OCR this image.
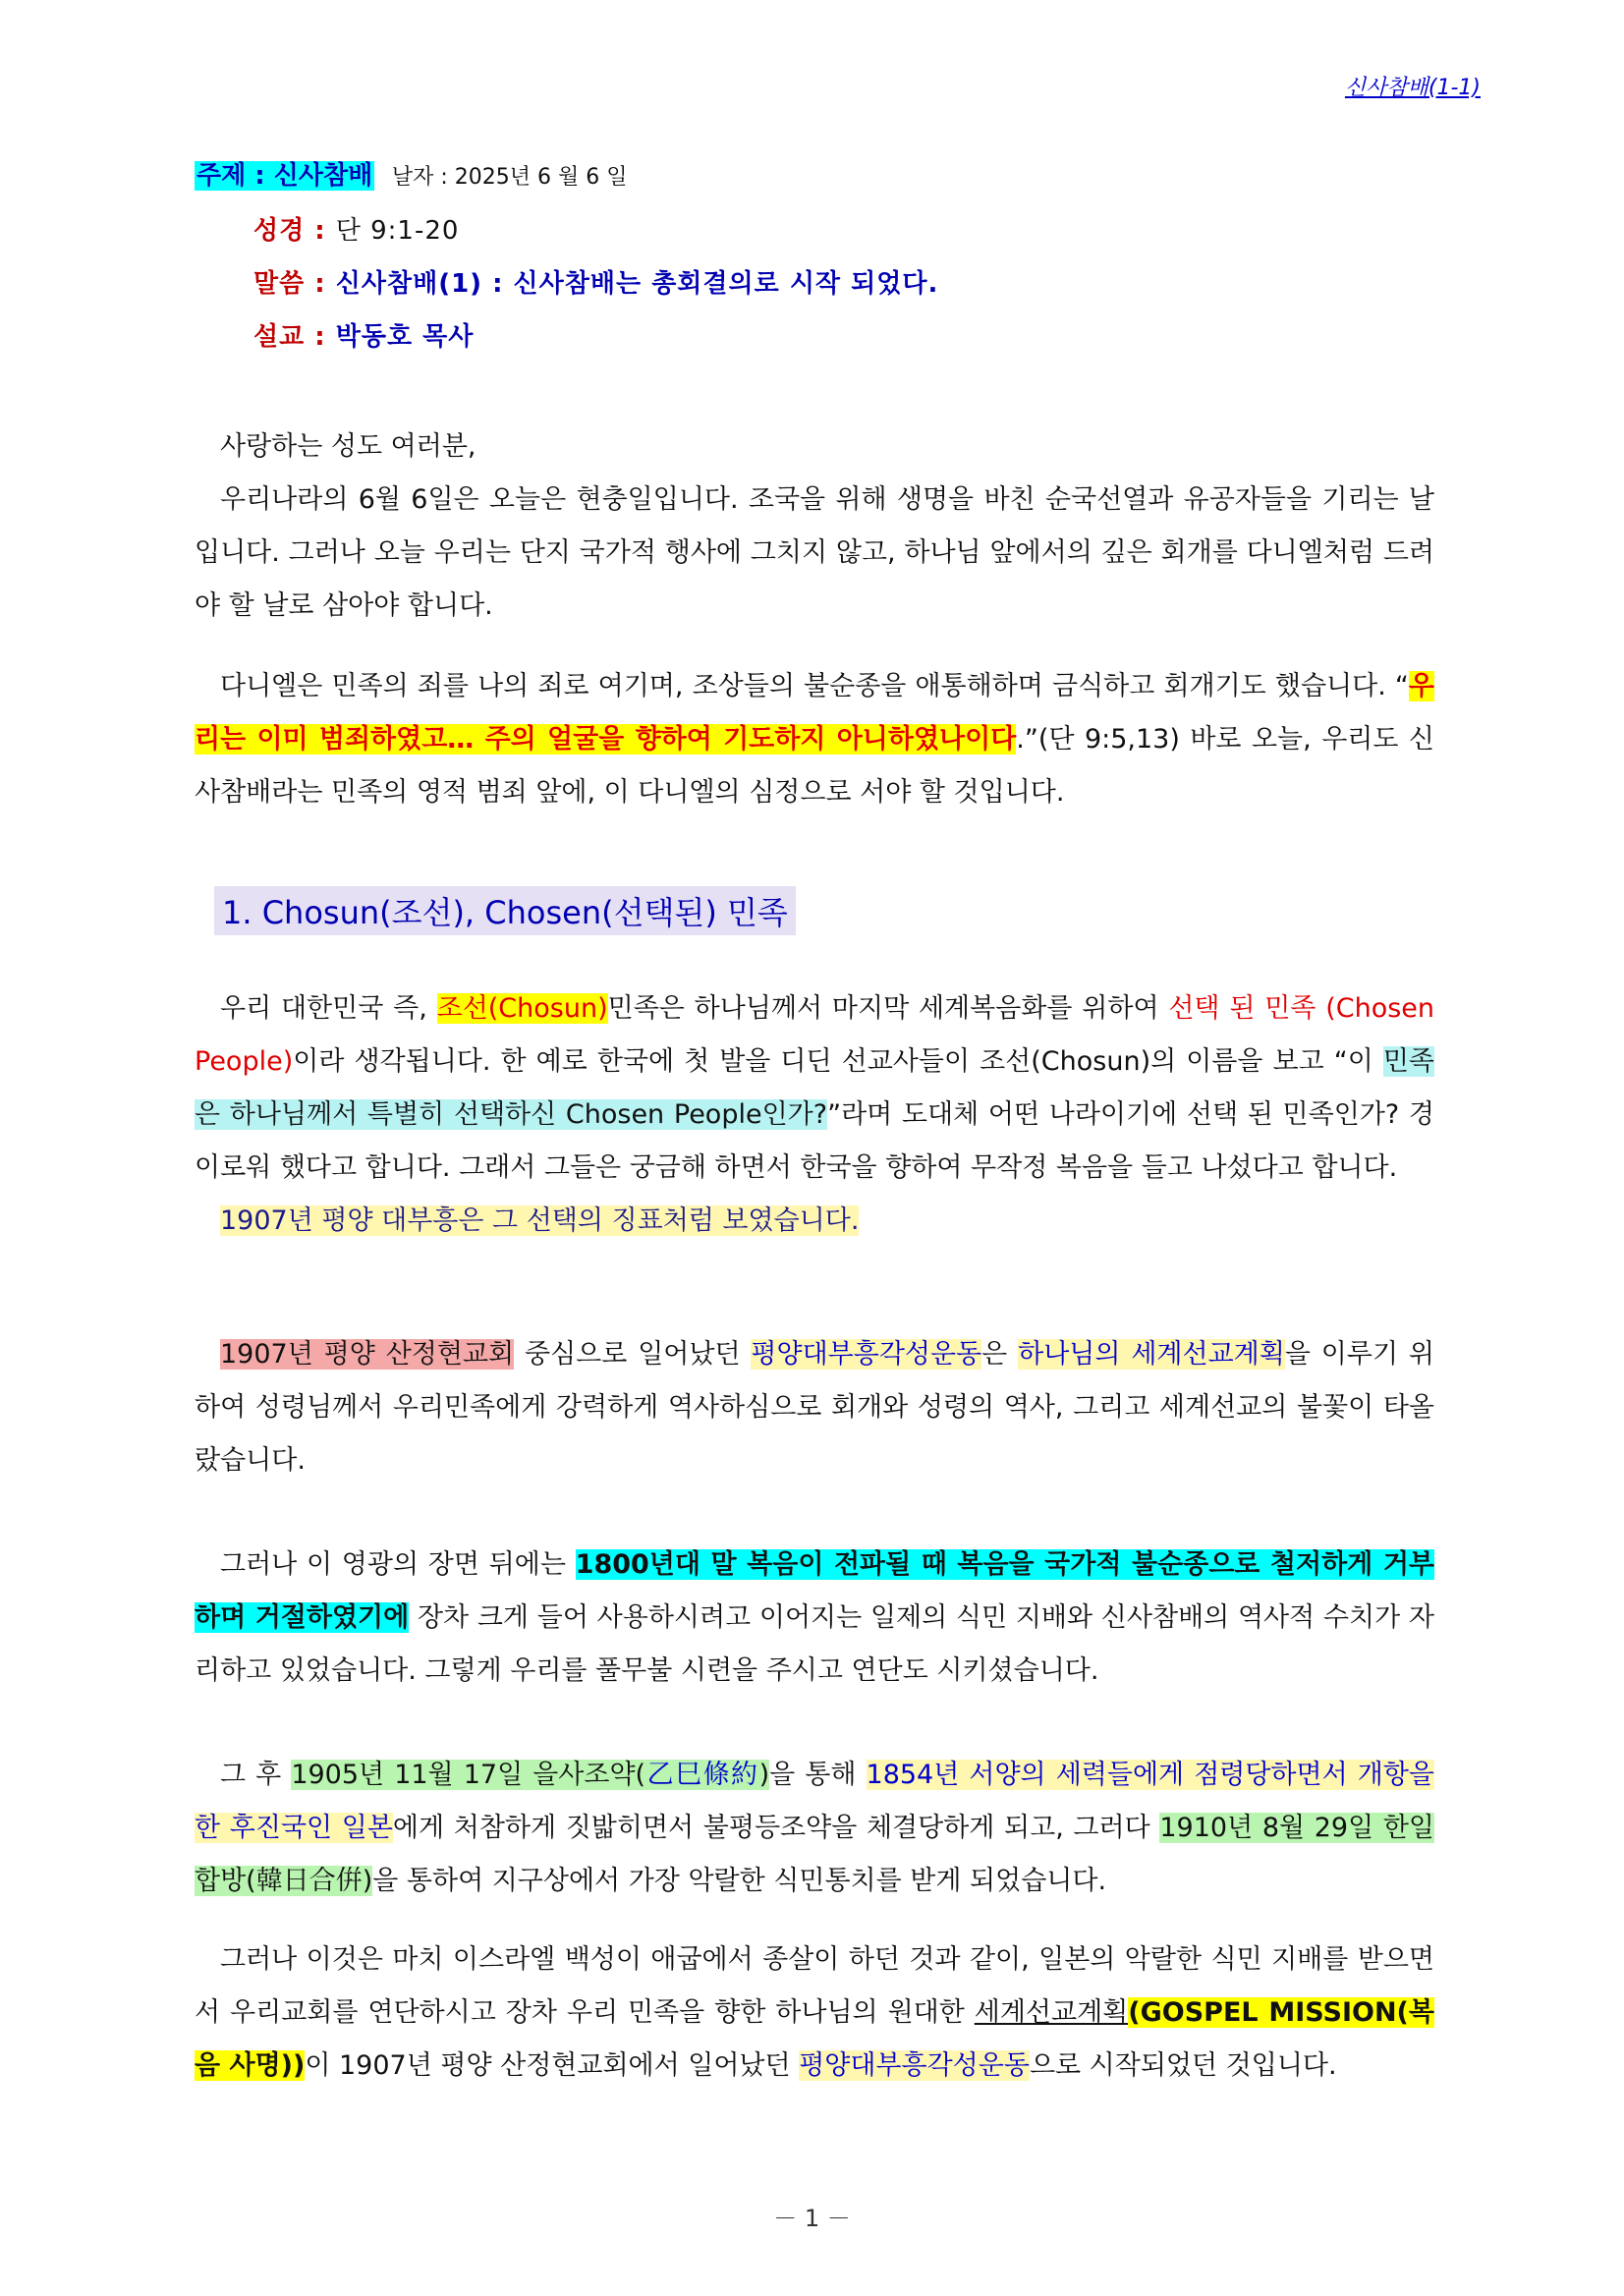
신사참배(1-1)
주제 : 신사참배 날자 : 2025년 6 월 6 일
성경 : 단 9:1-20
말씀 : 신사참배(1) : 신사참배는 총회결의로 시작 되었다.
설교 : 박동호 목사

사랑하는 성도 여러분,

우리나라의 6월 6일은 오늘은 현충일입니다. 조국을 위해 생명을 바친 순국선열과 유공자들을 기리는 날입니다. 그러나 오늘 우리는 단지 국가적 행사에 그치지 않고, 하나님 앞에서의 깊은 회개를 다니엘처럼 드려야 할 날로 삼아야 합니다.

다니엘은 민족의 죄를 나의 죄로 여기며, 조상들의 불순종을 애통해하며 금식하고 회개기도 했습니다. “우리는 이미 범죄하였고… 주의 얼굴을 향하여 기도하지 아니하였나이다.”(단 9:5,13) 바로 오늘, 우리도 신사참배라는 민족의 영적 범죄 앞에, 이 다니엘의 심정으로 서야 할 것입니다.

1. Chosun(조선), Chosen(선택된) 민족

우리 대한민국 즉, 조선(Chosun)민족은 하나님께서 마지막 세계복음화를 위하여 선택 된 민족 (Chosen People)이라 생각됩니다. 한 예로 한국에 첫 발을 디딘 선교사들이 조선(Chosun)의 이름을 보고 “이 민족은 하나님께서 특별히 선택하신 Chosen People인가?”라며 도대체 어떤 나라이기에 선택 된 민족인가? 경이로워 했다고 합니다. 그래서 그들은 궁금해 하면서 한국을 향하여 무작정 복음을 들고 나섰다고 합니다.

1907년 평양 대부흥은 그 선택의 징표처럼 보였습니다.

1907년 평양 산정현교회 중심으로 일어났던 평양대부흥각성운동은 하나님의 세계선교계획을 이루기 위하여 성령님께서 우리민족에게 강력하게 역사하심으로 회개와 성령의 역사, 그리고 세계선교의 불꽃이 타올랐습니다.

그러나 이 영광의 장면 뒤에는 1800년대 말 복음이 전파될 때 복음을 국가적 불순종으로 철저하게 거부하며 거절하였기에 장차 크게 들어 사용하시려고 이어지는 일제의 식민 지배와 신사참배의 역사적 수치가 자리하고 있었습니다. 그렇게 우리를 풀무불 시련을 주시고 연단도 시키셨습니다.

그 후 1905년 11월 17일 을사조약(乙巳條約)을 통해 1854년 서양의 세력들에게 점령당하면서 개항을 한 후진국인 일본에게 처참하게 짓밟히면서 불평등조약을 체결당하게 되고, 그러다 1910년 8월 29일 한일합방(韓日合倂)을 통하여 지구상에서 가장 악랄한 식민통치를 받게 되었습니다.

그러나 이것은 마치 이스라엘 백성이 애굽에서 종살이 하던 것과 같이, 일본의 악랄한 식민 지배를 받으면서 우리교회를 연단하시고 장차 우리 민족을 향한 하나님의 원대한 세계선교계획(GOSPEL MISSION(복음 사명))이 1907년 평양 산정현교회에서 일어났던 평양대부흥각성운동으로 시작되었던 것입니다.

－ 1 －
